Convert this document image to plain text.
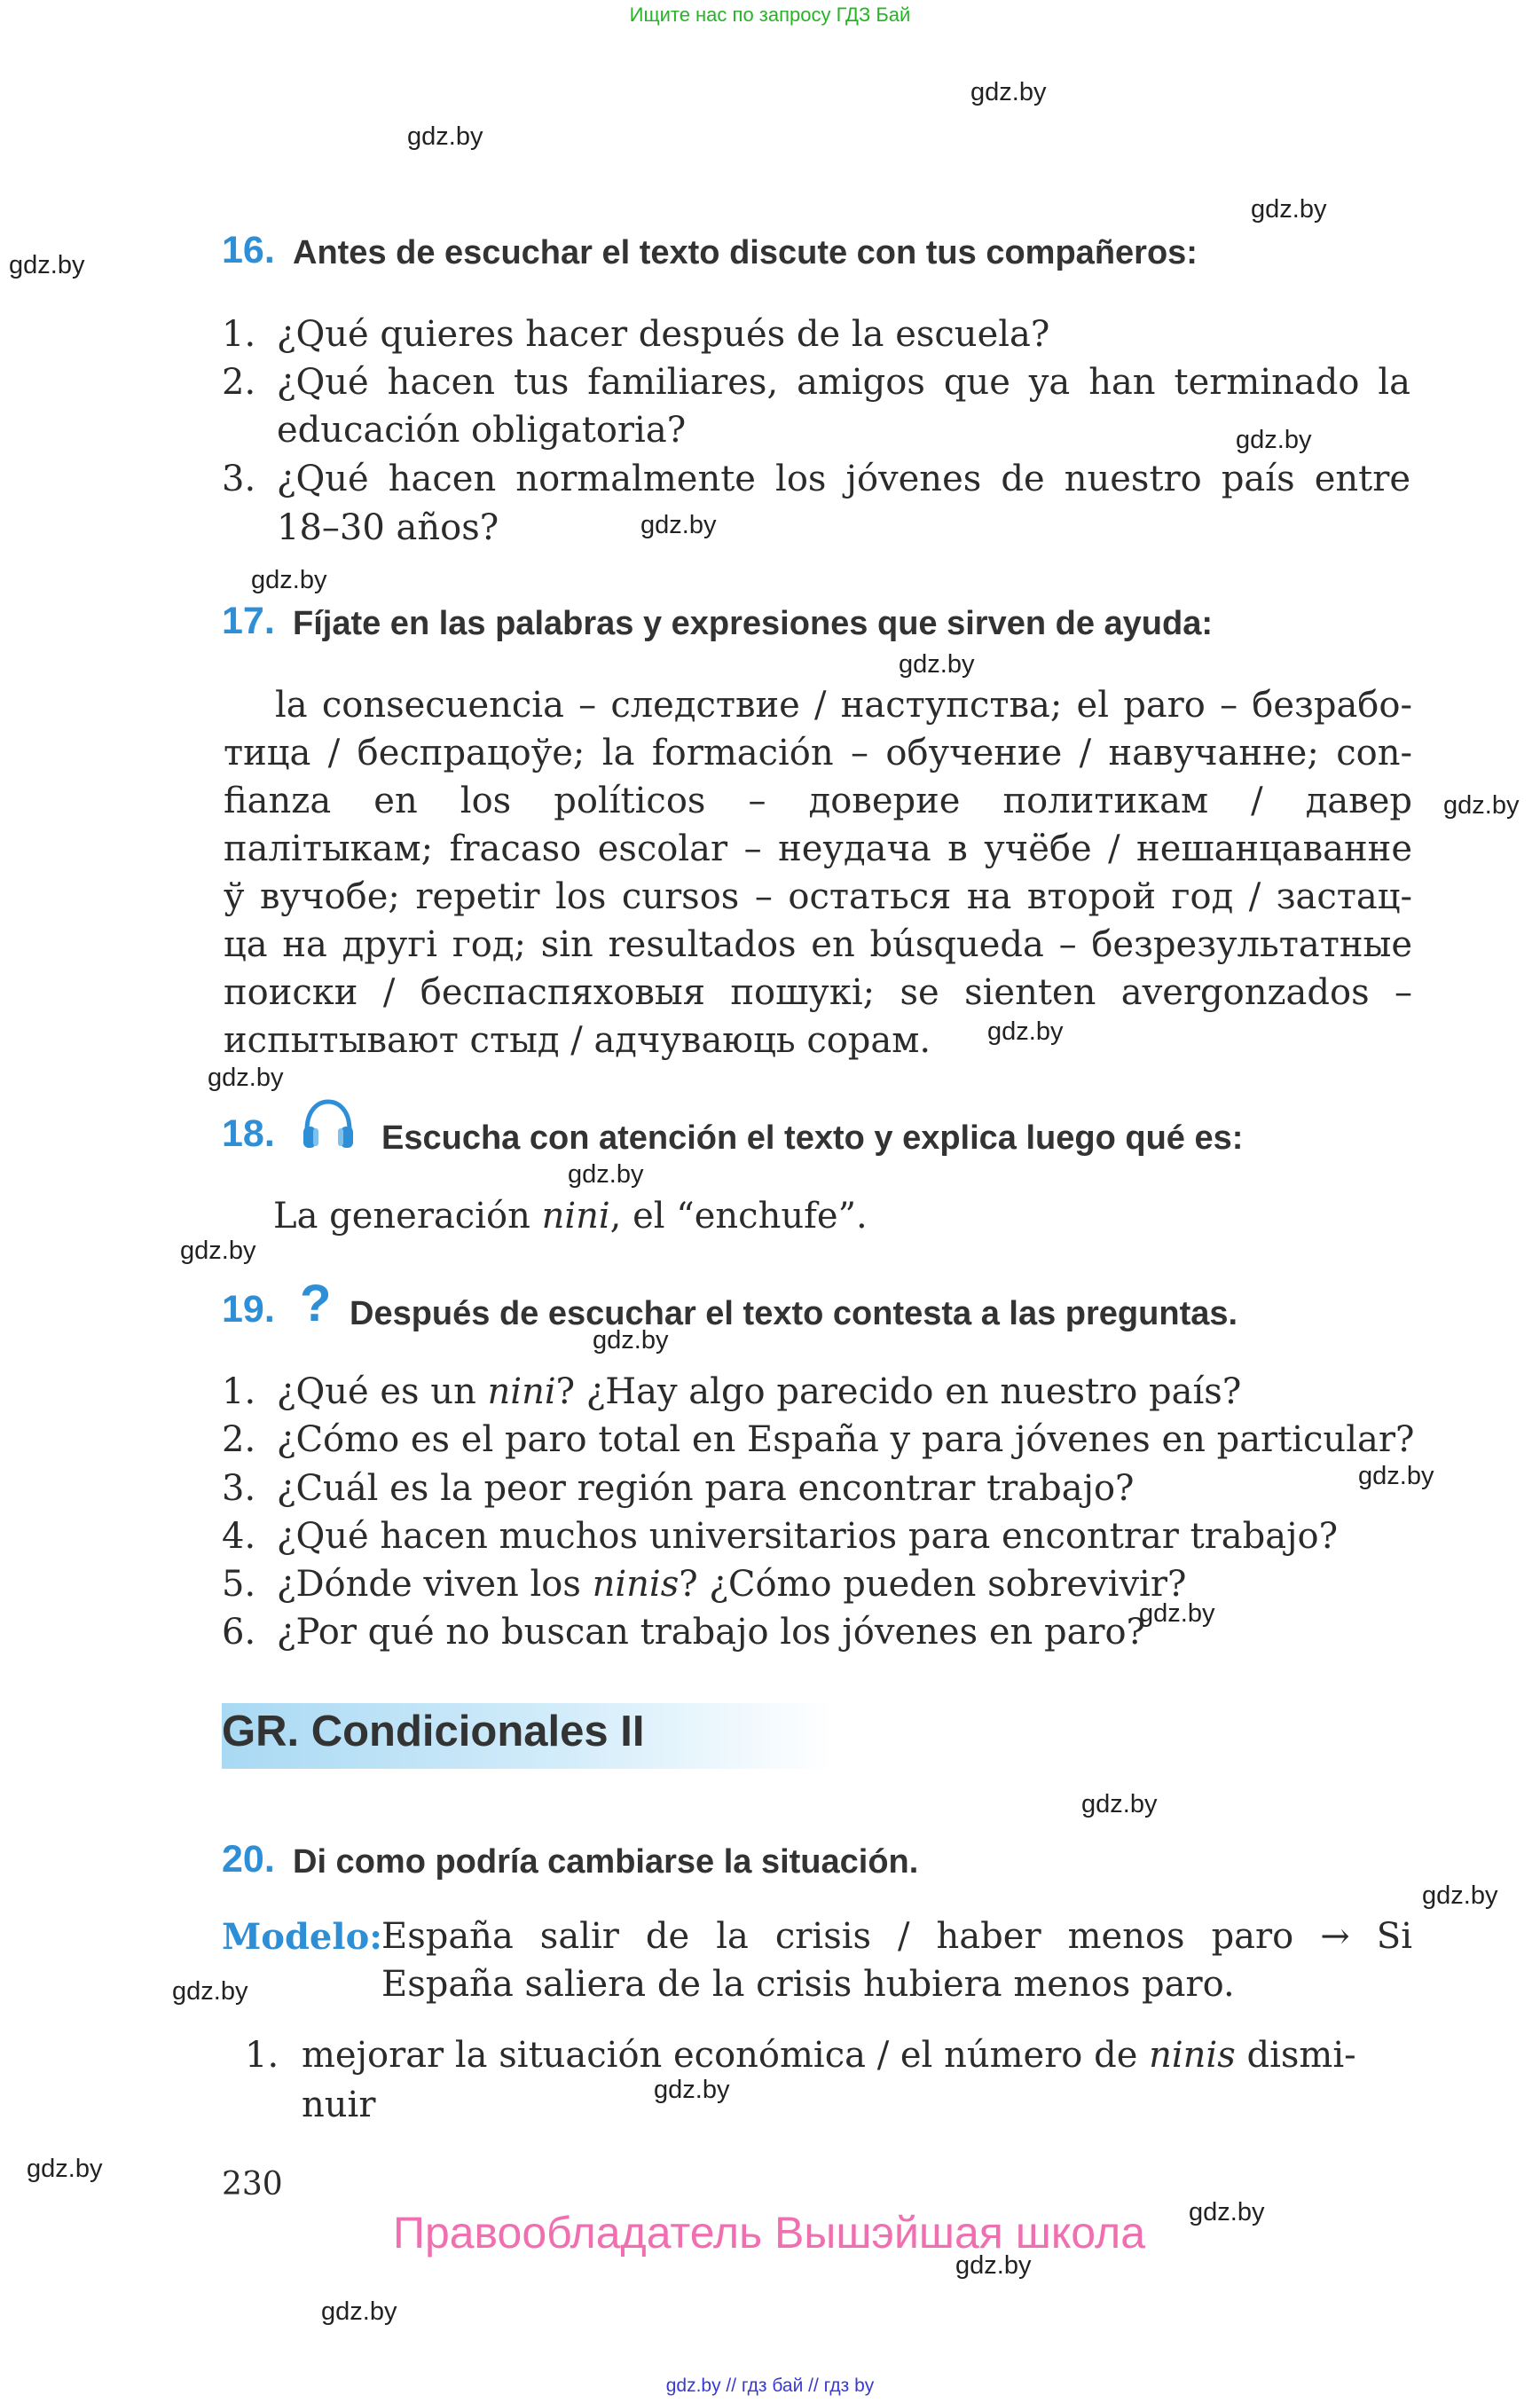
Ищите нас по запросу ГДЗ Бай
gdz.by // гдз бай // гдз by
gdz.by
gdz.by
gdz.by
gdz.by
gdz.by
gdz.by
gdz.by
gdz.by
gdz.by
gdz.by
gdz.by
gdz.by
gdz.by
gdz.by
gdz.by
gdz.by
gdz.by
gdz.by
gdz.by
gdz.by
gdz.by
gdz.by
gdz.by
gdz.by
16. Antes de escuchar el texto discute con tus compañeros:
1. ¿Qué quieres hacer después de la escuela?
2. ¿Qué hacen tus familiares, amigos que ya han terminado la
educación obligatoria?
3. ¿Qué hacen normalmente los jóvenes de nuestro país entre
18–30 años?
17. Fíjate en las palabras y expresiones que sirven de ayuda:
la consecuencia – следствие / наступства; el paro – безрабо-
тица / беспрацоўе; la formación – обучение / навучанне; con-
fianza en los políticos – доверие политикам / давер
палітыкам; fracaso escolar – неудача в учёбе / нешанцаванне
ў вучобе; repetir los cursos – остаться на второй год / застац-
ца на другі год; sin resultados en búsqueda – безрезультатные
поиски / беспаспяховыя пошукі; se sienten avergonzados –
испытывают стыд / адчуваюць сорам.
18.	Escucha con atención el texto y explica luego qué es:
La generación nini, el “enchufe”.
19. ? Después de escuchar el texto contesta a las preguntas.
1. ¿Qué es un nini? ¿Hay algo parecido en nuestro país?
2. ¿Cómo es el paro total en España y para jóvenes en particular?
3. ¿Cuál es la peor región para encontrar trabajo?
4. ¿Qué hacen muchos universitarios para encontrar trabajo?
5. ¿Dónde viven los ninis? ¿Cómo pueden sobrevivir?
6. ¿Por qué no buscan trabajo los jóvenes en paro?
GR. Condicionales II
20. Di como podría cambiarse la situación.
Modelo:
España salir de la crisis / haber menos paro → Si
España saliera de la crisis hubiera menos paro.
1. mejorar la situación económica / el número de ninis dismi-
nuir
230
Правообладатель Вышэйшая школа
